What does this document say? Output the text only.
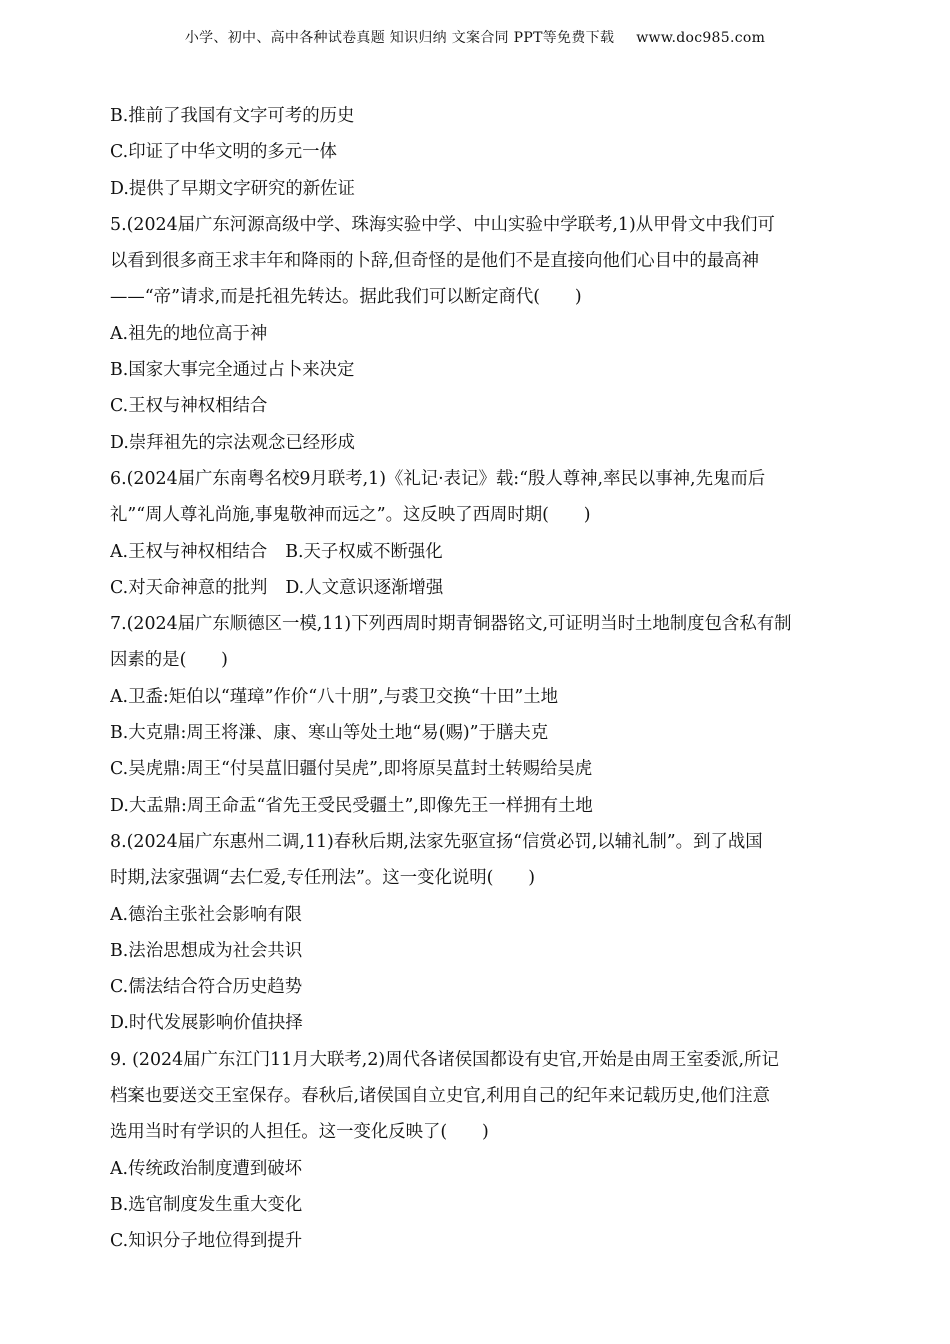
小学、初中、高中各种试卷真题 知识归纳 文案合同 PPT等免费下载 www.doc985.com
B.推前了我国有文字可考的历史
C.印证了中华文明的多元一体
D.提供了早期文字研究的新佐证
5.(2024届广东河源高级中学、珠海实验中学、中山实验中学联考,1)从甲骨文中我们可
以看到很多商王求丰年和降雨的卜辞,但奇怪的是他们不是直接向他们心目中的最高神
——“帝”请求,而是托祖先转达。据此我们可以断定商代(　　)
A.祖先的地位高于神
B.国家大事完全通过占卜来决定
C.王权与神权相结合
D.崇拜祖先的宗法观念已经形成
6.(2024届广东南粤名校9月联考,1)《礼记·表记》载:“殷人尊神,率民以事神,先鬼而后
礼”“周人尊礼尚施,事鬼敬神而远之”。这反映了西周时期(　　)
A.王权与神权相结合 B.天子权威不断强化
C.对天命神意的批判 D.人文意识逐渐增强
7.(2024届广东顺德区一模,11)下列西周时期青铜器铭文,可证明当时土地制度包含私有制
因素的是(　　)
A.卫盉:矩伯以“瑾璋”作价“八十朋”,与裘卫交换“十田”土地
B.大克鼎:周王将溓、康、寒山等处土地“易(赐)”于膳夫克
C.吴虎鼎:周王“付吴蒀旧疆付吴虎”,即将原吴蒀封土转赐给吴虎
D.大盂鼎:周王命盂“省先王受民受疆土”,即像先王一样拥有土地
8.(2024届广东惠州二调,11)春秋后期,法家先驱宣扬“信赏必罚,以辅礼制”。到了战国
时期,法家强调“去仁爱,专任刑法”。这一变化说明(　　)
A.德治主张社会影响有限
B.法治思想成为社会共识
C.儒法结合符合历史趋势
D.时代发展影响价值抉择
9. (2024届广东江门11月大联考,2)周代各诸侯国都设有史官,开始是由周王室委派,所记
档案也要送交王室保存。春秋后,诸侯国自立史官,利用自己的纪年来记载历史,他们注意
选用当时有学识的人担任。这一变化反映了(　　)
A.传统政治制度遭到破坏
B.选官制度发生重大变化
C.知识分子地位得到提升
